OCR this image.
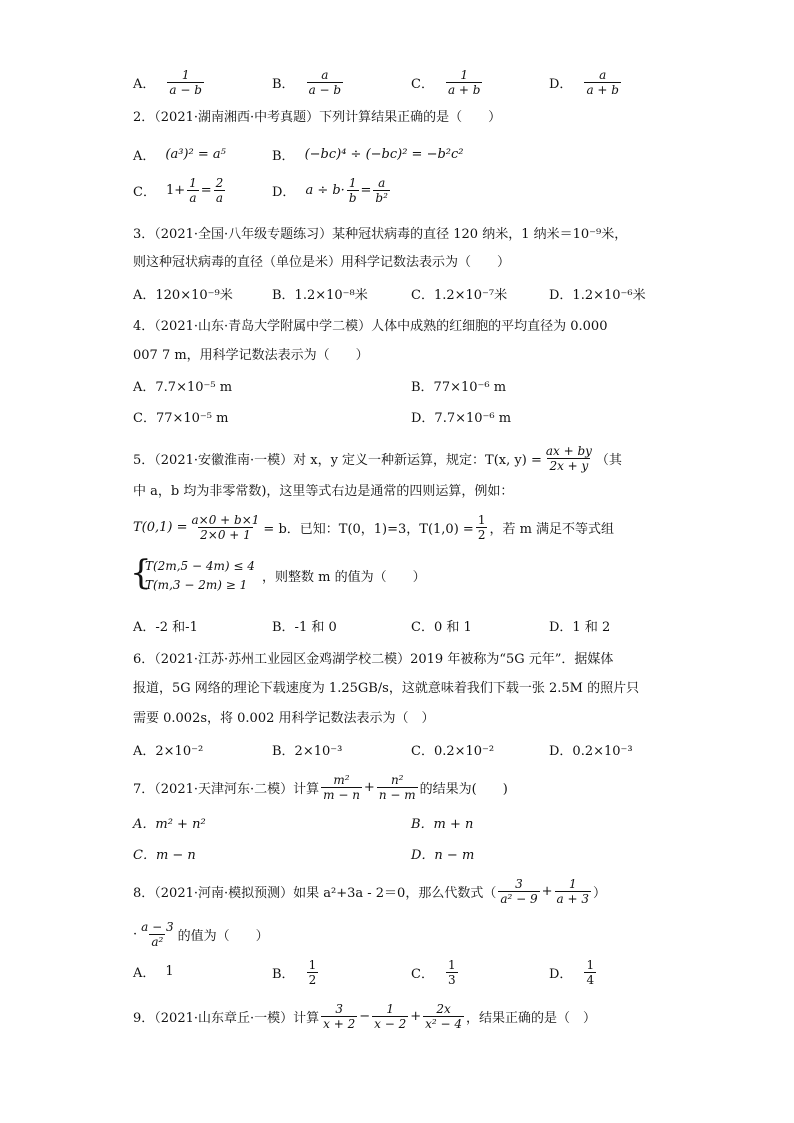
A． $\frac{1}{a - b}$	B． $\frac{a}{a - b}$	C． $\frac{1}{a + b}$	D． $\frac{a}{a + b}$
2．（2021·湖南湘西·中考真题）下列计算结果正确的是（　　）
A． (a³)² = a⁵	B． (−bc)⁴ ÷ (−bc)² = −b²c²
C． $1+ \frac{1}{a} = \frac{2}{a}$	D． $a \div b\cdot \frac{1}{b} = \frac{a}{\text{b²}}$
3．（2021·全国·八年级专题练习）某种冠状病毒的直径 120 纳米，1 纳米＝10⁻⁹米，
则这种冠状病毒的直径（单位是米）用科学记数法表示为（　　）
A．120×10⁻⁹米	B．1.2×10⁻⁸米	C．1.2×10⁻⁷米	D．1.2×10⁻⁶米
4．（2021·山东·青岛大学附属中学二模）人体中成熟的红细胞的平均直径为 0.000
007 7 m，用科学记数法表示为（　　）
A．7.7×10⁻⁵ m	B．77×10⁻⁶ m
C．77×10⁻⁵ m	D．7.7×10⁻⁶ m
5．（2021·安徽淮南·一模）对 x，y 定义一种新运算，规定：T(x, $y) = \frac{ax + by}{2x + y}$ （其
中 a，b 均为非零常数)，这里等式右边是通常的四则运算，例如：
$T(0,1) = \frac{a\times 0 + b\times 1}{2\times 0 + 1} = b$．已知：T(0，1)=3，$T(1,0) = \frac{1}{2}$ ，若 m 满足不等式组
{
T(2m,5 − 4m) ≤ 4
T(m,3 − 2m) ≥ 1 ，则整数 m 的值为（　　）
A．-2 和-1	B．-1 和 0	C．0 和 1	D．1 和 2
6．（2021·江苏·苏州工业园区金鸡湖学校二模）2019 年被称为“5G 元年”．据媒体
报道，5G 网络的理论下载速度为 1.25GB/s，这就意味着我们下载一张 2.5M 的照片只
需要 0.002s，将 0.002 用科学记数法表示为（　）
A．2×10⁻²	B．2×10⁻³	C．0.2×10⁻²	D．0.2×10⁻³
7．（2021·天津河东·二模）计算 $\frac{\text{m²}}{m - n} + \frac{\text{n²}}{n - m}$ 的结果为(　　)
A．m² + n²	B．m + n
C．m − n	D．n − m
8．（2021·河南·模拟预测）如果 a²+3a - 2＝0，那么代数式（ $\frac{3}{\text{a² − 9}} + \frac{1}{a + 3}$ ）
· $\frac{a - 3}{\text{a²}}$ 的值为（　　）
A． 1	B． $\frac{1}{2}$	C． $\frac{1}{3}$	D． $\frac{1}{4}$
9．（2021·山东章丘·一模）计算 $\frac{3}{x + 2} - \frac{1}{x - 2} + \frac{2x}{\text{x² − 4}}$ ，结果正确的是（　）
